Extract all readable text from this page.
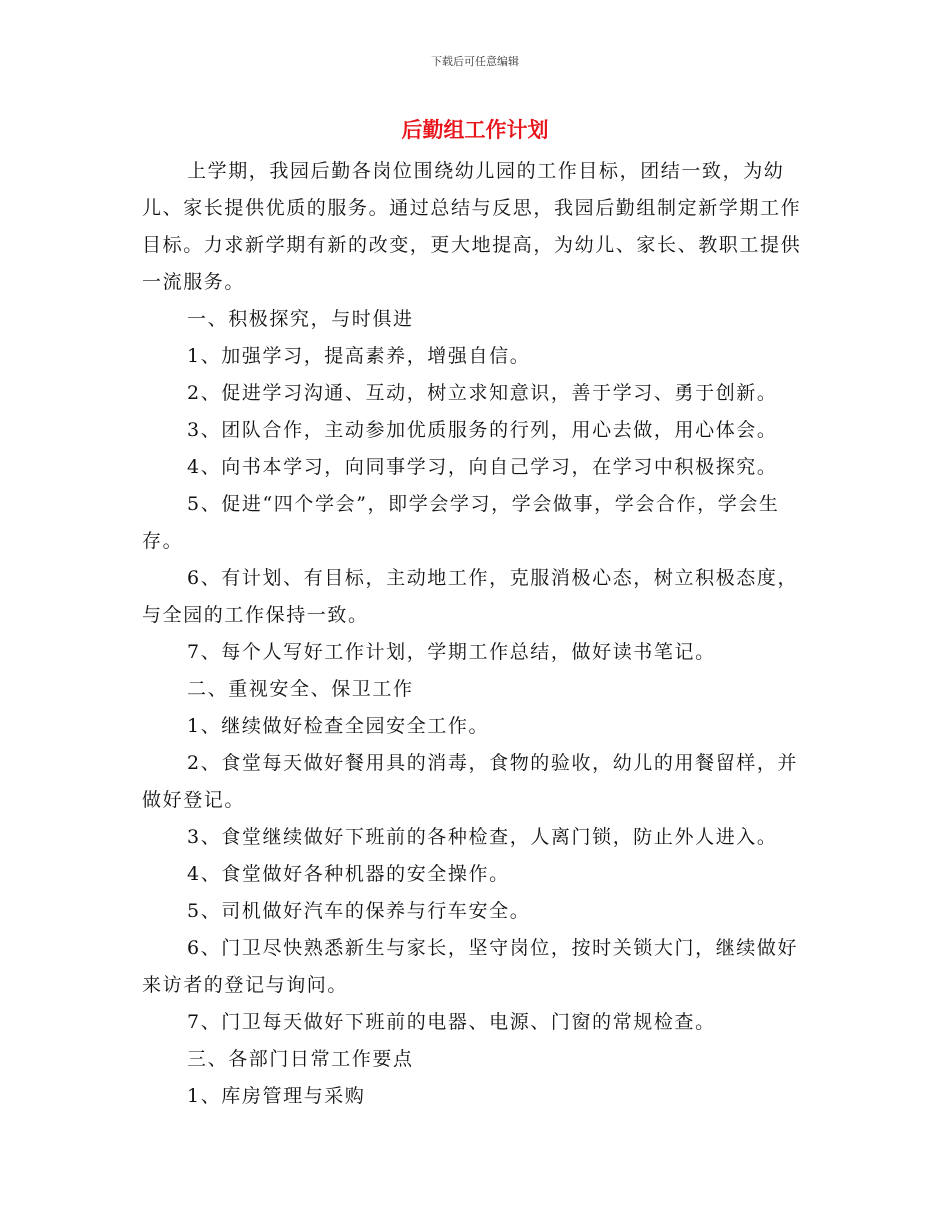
下载后可任意编辑
后勤组工作计划

上学期，我园后勤各岗位围绕幼儿园的工作目标，团结一致，为幼儿、家长提供优质的服务。通过总结与反思，我园后勤组制定新学期工作目标。力求新学期有新的改变，更大地提高，为幼儿、家长、教职工提供一流服务。

一、积极探究，与时俱进

1、加强学习，提高素养，增强自信。

2、促进学习沟通、互动，树立求知意识，善于学习、勇于创新。

3、团队合作，主动参加优质服务的行列，用心去做，用心体会。

4、向书本学习，向同事学习，向自己学习，在学习中积极探究。

5、促进“四个学会”，即学会学习，学会做事，学会合作，学会生存。

6、有计划、有目标，主动地工作，克服消极心态，树立积极态度，与全园的工作保持一致。

7、每个人写好工作计划，学期工作总结，做好读书笔记。

二、重视安全、保卫工作

1、继续做好检查全园安全工作。

2、食堂每天做好餐用具的消毒，食物的验收，幼儿的用餐留样，并做好登记。

3、食堂继续做好下班前的各种检查，人离门锁，防止外人进入。

4、食堂做好各种机器的安全操作。

5、司机做好汽车的保养与行车安全。

6、门卫尽快熟悉新生与家长，坚守岗位，按时关锁大门，继续做好来访者的登记与询问。

7、门卫每天做好下班前的电器、电源、门窗的常规检查。

三、各部门日常工作要点

1、库房管理与采购
